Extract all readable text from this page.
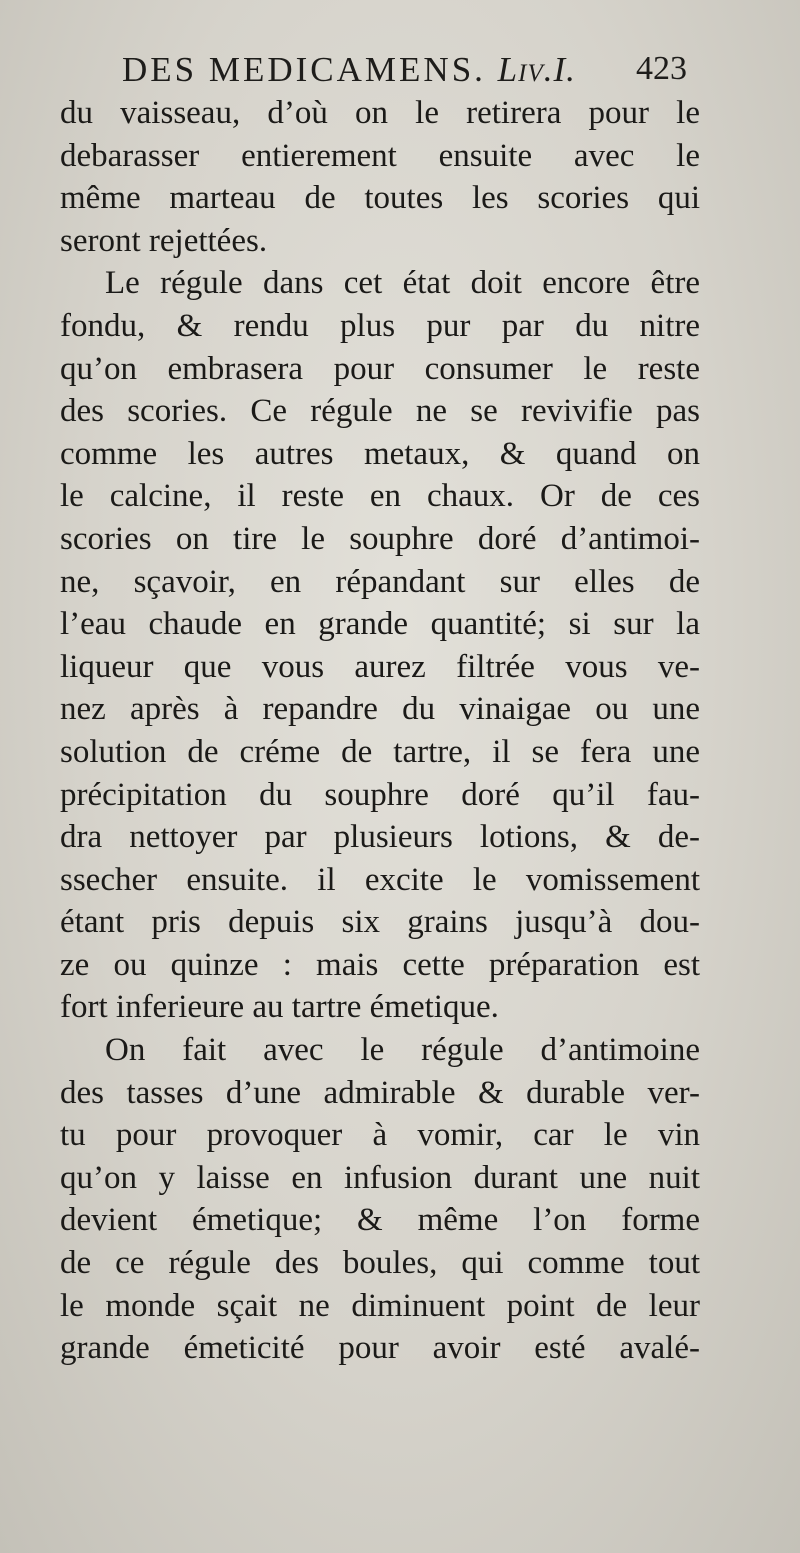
DES MEDICAMENS. Liv.I. 423
du vaisseau, d’où on le retirera pour le
debarasser entierement ensuite avec le
même marteau de toutes les scories qui
seront rejettées.
Le régule dans cet état doit encore être
fondu, & rendu plus pur par du nitre
qu’on embrasera pour consumer le reste
des scories. Ce régule ne se revivifie pas
comme les autres metaux, & quand on
le calcine, il reste en chaux. Or de ces
scories on tire le souphre doré d’antimoi-
ne, sçavoir, en répandant sur elles de
l’eau chaude en grande quantité; si sur la
liqueur que vous aurez filtrée vous ve-
nez après à repandre du vinaigae ou une
solution de créme de tartre, il se fera une
précipitation du souphre doré qu’il fau-
dra nettoyer par plusieurs lotions, & de-
ssecher ensuite. il excite le vomissement
étant pris depuis six grains jusqu’à dou-
ze ou quinze : mais cette préparation est
fort inferieure au tartre émetique.
On fait avec le régule d’antimoine
des tasses d’une admirable & durable ver-
tu pour provoquer à vomir, car le vin
qu’on y laisse en infusion durant une nuit
devient émetique; & même l’on forme
de ce régule des boules, qui comme tout
le monde sçait ne diminuent point de leur
grande émeticité pour avoir esté avalé-
